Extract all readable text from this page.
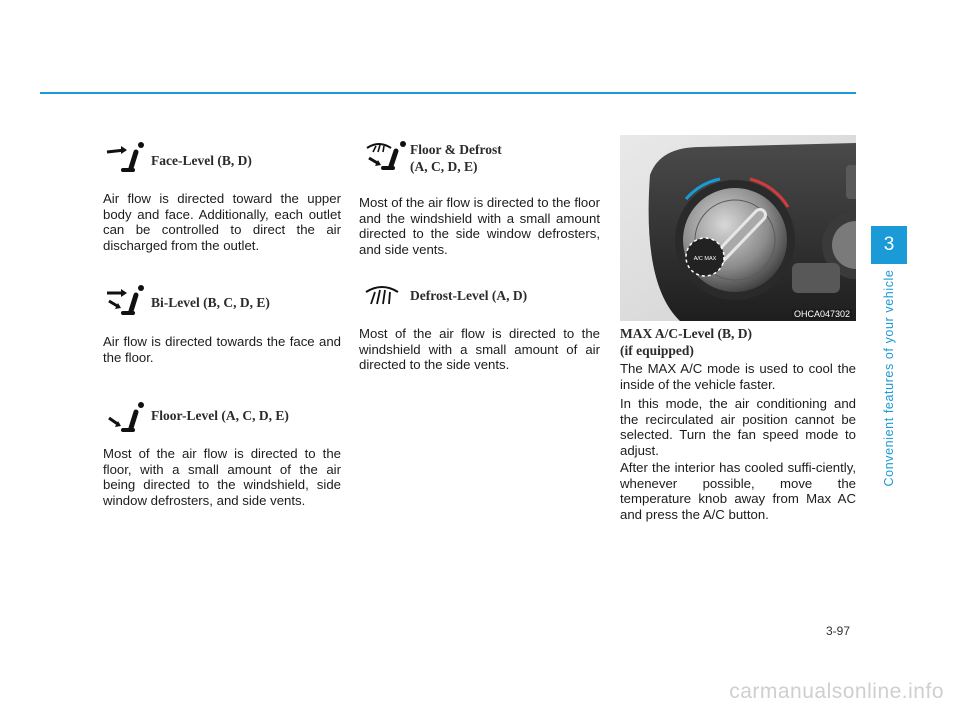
Face-Level (B, D)

Air flow is directed toward the upper body and face. Additionally, each outlet can be controlled to direct the air discharged from the outlet.

Bi-Level (B, C, D, E)

Air flow is directed towards the face and the floor.

Floor-Level (A, C, D, E)

Most of the air flow is directed to the floor, with a small amount of the air being directed to the windshield, side window defrosters, and side vents.

Floor & Defrost
(A, C, D, E)

Most of the air flow is directed to the floor and the windshield with a small amount directed to the side window defrosters, and side vents.

Defrost-Level (A, D)

Most of the air flow is directed to the windshield with a small amount of air directed to the side vents.

A/C MAX
OHCA047302
MAX A/C-Level (B, D)
(if equipped)

The MAX A/C mode is used to cool the inside of the vehicle faster.

In this mode, the air conditioning and the recirculated air position cannot be selected. Turn the fan speed mode to adjust.

After the interior has cooled suffi-ciently, whenever possible, move the temperature knob away from Max AC and press the A/C button.

3
Convenient features of your vehicle
3-97
carmanualsonline.info
